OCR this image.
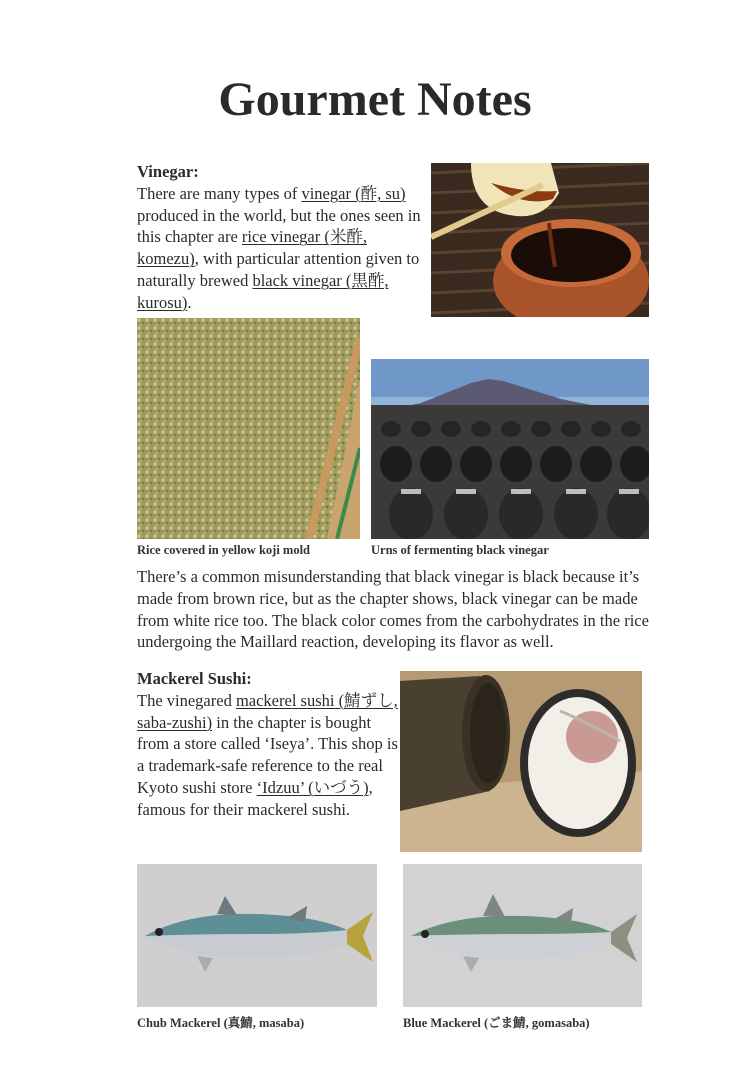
Gourmet Notes
Vinegar:
There are many types of vinegar (酢, su) produced in the world, but the ones seen in this chapter are rice vinegar (米酢, komezu), with particular attention given to naturally brewed black vinegar (黒酢, kurosu).
Rice covered in yellow koji mold	Urns of fermenting black vinegar
There’s a common misunderstanding that black vinegar is black because it’s made from brown rice, but as the chapter shows, black vinegar can be made from white rice too. The black color comes from the carbohydrates in the rice undergoing the Maillard reaction, developing its flavor as well.
Mackerel Sushi:
The vinegared mackerel sushi (鯖ずし, saba-zushi) in the chapter is bought from a store called ‘Iseya’. This shop is a trademark-safe reference to the real Kyoto sushi store ‘Idzuu’ (いづう), famous for their mackerel sushi.
Chub Mackerel (真鯖, masaba)	Blue Mackerel (ごま鯖, gomasaba)
